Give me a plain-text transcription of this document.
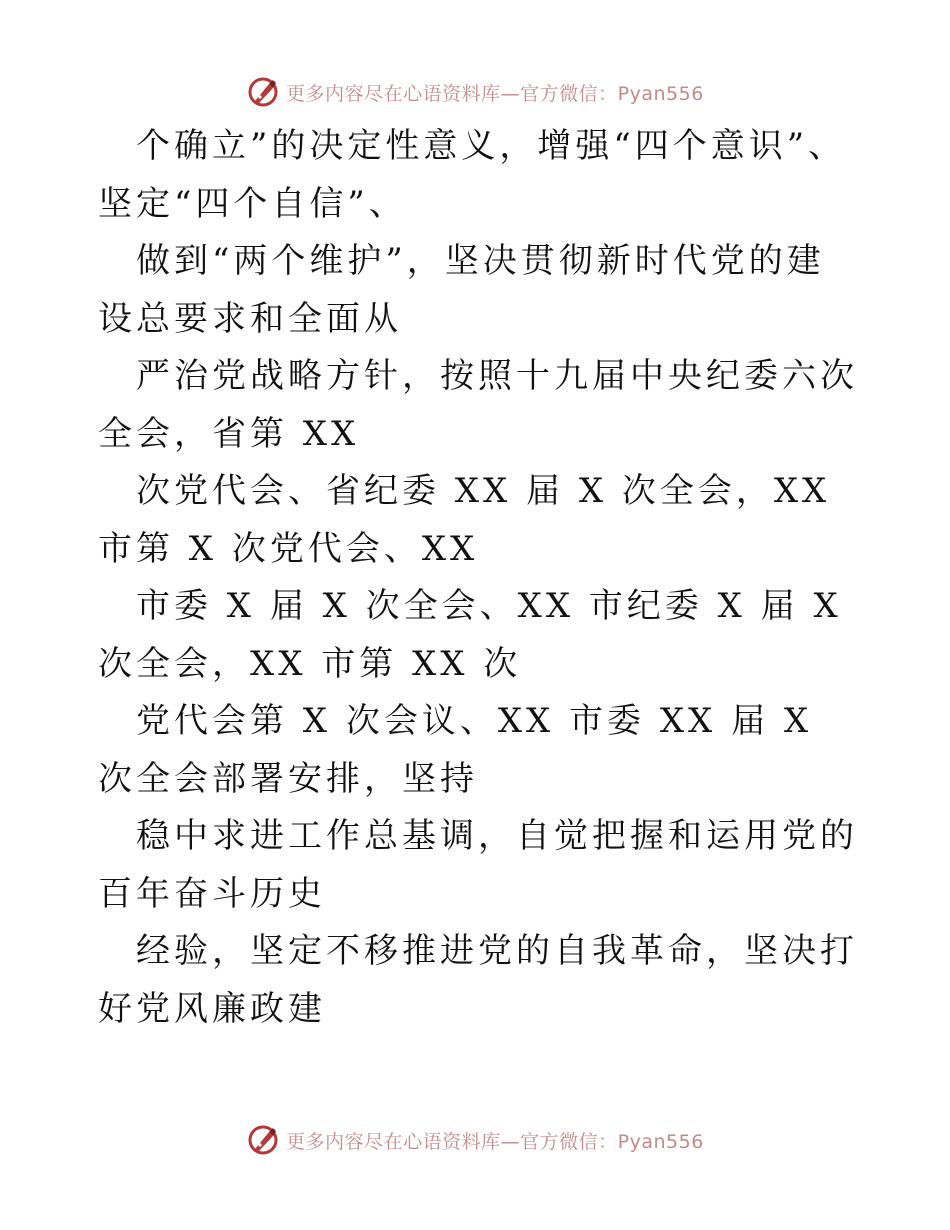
更多内容尽在心语资料库—官方微信：Pyan556

个确立”的决定性意义，增强“四个意识”、坚定“四个自信”、

做到“两个维护”，坚决贯彻新时代党的建设总要求和全面从

严治党战略方针，按照十九届中央纪委六次全会，省第 XX

次党代会、省纪委 XX 届 X 次全会，XX 市第 X 次党代会、XX

市委 X 届 X 次全会、XX 市纪委 X 届 X 次全会，XX 市第 XX 次

党代会第 X 次会议、XX 市委 XX 届 X 次全会部署安排，坚持

稳中求进工作总基调，自觉把握和运用党的百年奋斗历史

经验，坚定不移推进党的自我革命，坚决打好党风廉政建

更多内容尽在心语资料库—官方微信：Pyan556
